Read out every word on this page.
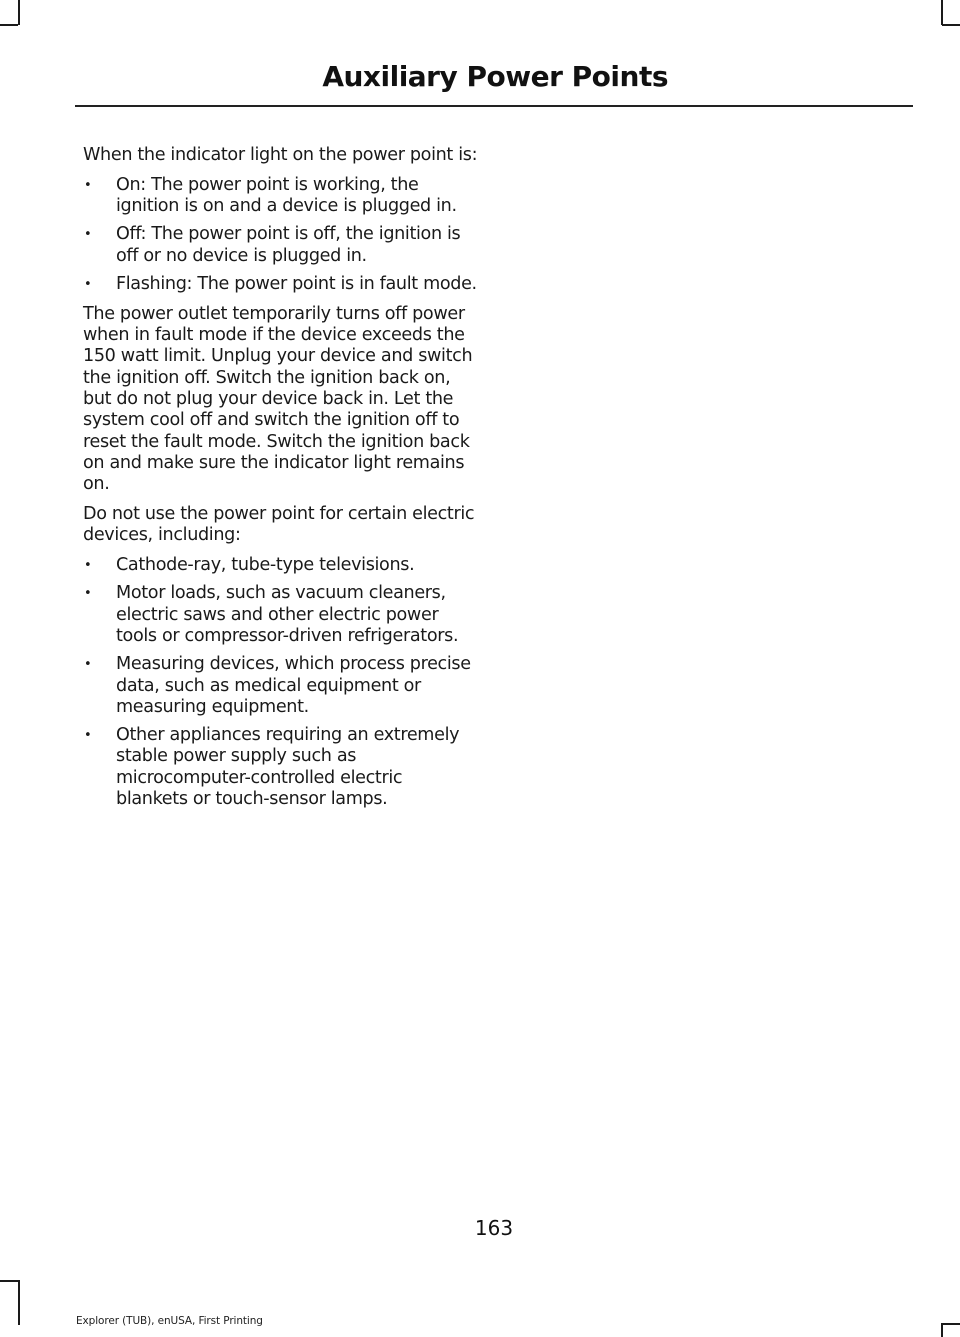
Auxiliary Power Points

When the indicator light on the power point is:

• On: The power point is working, the ignition is on and a device is plugged in.
• Off: The power point is off, the ignition is off or no device is plugged in.
• Flashing: The power point is in fault mode.

The power outlet temporarily turns off power when in fault mode if the device exceeds the 150 watt limit. Unplug your device and switch the ignition off. Switch the ignition back on, but do not plug your device back in. Let the system cool off and switch the ignition off to reset the fault mode. Switch the ignition back on and make sure the indicator light remains on.

Do not use the power point for certain electric devices, including:

• Cathode-ray, tube-type televisions.
• Motor loads, such as vacuum cleaners, electric saws and other electric power tools or compressor-driven refrigerators.
• Measuring devices, which process precise data, such as medical equipment or measuring equipment.
• Other appliances requiring an extremely stable power supply such as microcomputer-controlled electric blankets or touch-sensor lamps.

163

Explorer (TUB), enUSA, First Printing
